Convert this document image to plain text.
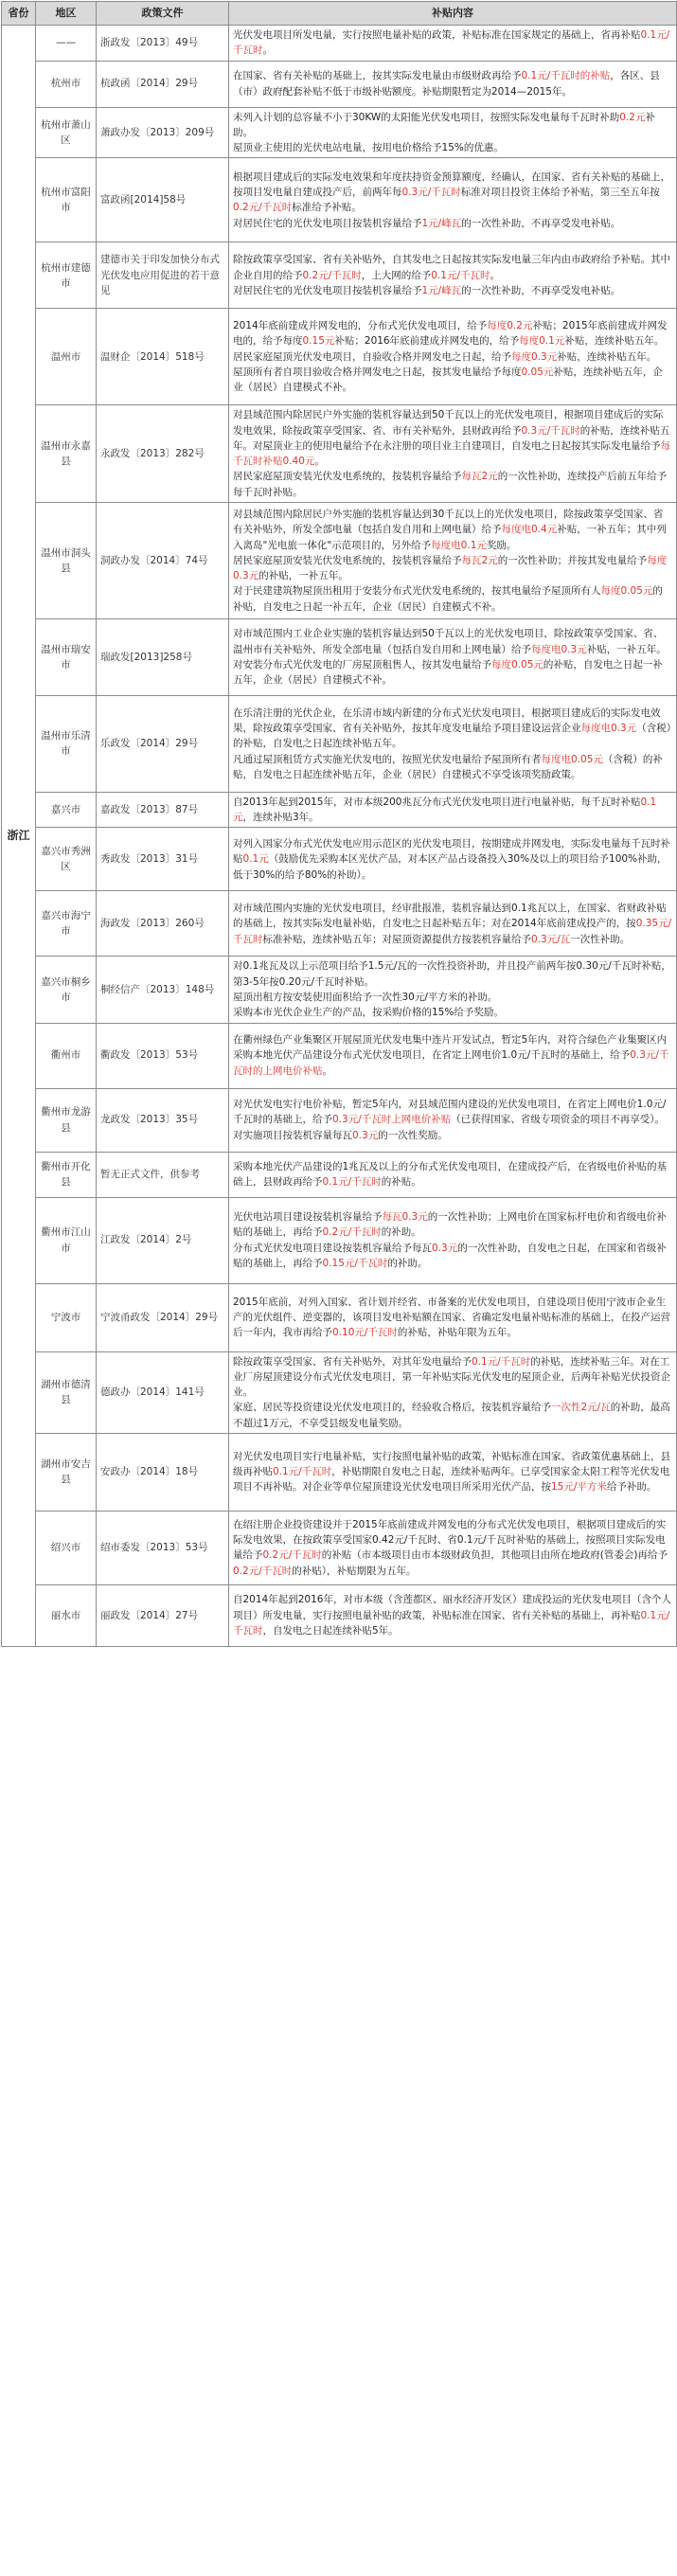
省份	地区	政策文件	补贴内容
浙江	——	浙政发〔2013〕49号	光伏发电项目所发电量，实行按照电量补贴的政策，补贴标准在国家规定的基础上，省再补贴0.1元/千瓦时。
	杭州市	杭政函〔2014〕29号	在国家、省有关补贴的基础上，按其实际发电量由市级财政再给予0.1元/千瓦时的补贴，各区、县（市）政府配套补贴不低于市级补贴额度。补贴期限暂定为2014—2015年。
	杭州市萧山区	萧政办发〔2013〕209号	未列入计划的总容量不小于30KW的太阳能光伏发电项目，按照实际发电量每千瓦时补助0.2元补助。
屋顶业主使用的光伏电站电量，按用电价格给予15%的优惠。
	杭州市富阳市	富政函[2014]58号	根据项目建成后的实际发电效果和年度扶持资金预算额度，经确认，在国家、省有关补贴的基础上，按项目发电量自建成投产后，前两年每0.3元/千瓦时标准对项目投资主体给予补贴，第三至五年按0.2元/千瓦时标准给予补贴。
对居民住宅的光伏发电项目按装机容量给予1元/峰瓦的一次性补助，不再享受发电补贴。
	杭州市建德市	建德市关于印发加快分布式光伏发电应用促进的若干意见	除按政策享受国家、省有关补贴外，自其发电之日起按其实际发电量三年内由市政府给予补贴。其中企业自用的给予0.2元/千瓦时，上大网的给予0.1元/千瓦时。
对居民住宅的光伏发电项目按装机容量给予1元/峰瓦的一次性补助，不再享受发电补贴。
	温州市	温财企〔2014〕518号	2014年底前建成并网发电的，分布式光伏发电项目，给予每度0.2元补贴；2015年底前建成并网发电的，给予每度0.15元补贴；2016年底前建成并网发电的，给予每度0.1元补贴，连续补贴五年。
居民家庭屋顶光伏发电项目，自验收合格并网发电之日起，给予每度0.3元补贴，连续补贴五年。
屋顶所有者自项目验收合格并网发电之日起，按其发电量给予每度0.05元补贴，连续补贴五年，企业（居民）自建模式不补。
	温州市永嘉县	永政发〔2013〕282号	对县域范围内除居民户外实施的装机容量达到50千瓦以上的光伏发电项目，根据项目建成后的实际发电效果，除按政策享受国家、省、市有关补贴外，县财政再给予0.3元/千瓦时的补贴，连续补贴五年。对屋顶业主的使用电量给予在永注册的项目业主自建项目，自发电之日起按其实际发电量给予每千瓦时补贴0.40元。
居民家庭屋顶安装光伏发电系统的，按装机容量给予每瓦2元的一次性补助，连续投产后前五年给予每千瓦时补贴。
	温州市洞头县	洞政办发〔2014〕74号	对县域范围内除居民户外实施的装机容量达到30千瓦以上的光伏发电项目，除按政策享受国家、省有关补贴外，所发全部电量（包括自发自用和上网电量）给予每度电0.4元补贴，一补五年；其中列入离岛"光电旅一体化"示范项目的，另外给予每度电0.1元奖励。
居民家庭屋顶安装光伏发电系统的，按装机容量给予每瓦2元的一次性补助；并按其发电量给予每度0.3元的补贴，一补五年。
对于民建建筑物屋顶出租用于安装分布式光伏发电系统的，按其电量给予屋顶所有人每度0.05元的补贴，自发电之日起一补五年，企业（居民）自建模式不补。
	温州市瑞安市	瑞政发[2013]258号	对市域范围内工业企业实施的装机容量达到50千瓦以上的光伏发电项目，除按政策享受国家、省、温州市有关补贴外，所发全部电量（包括自发自用和上网电量）给予每度电0.3元补贴，一补五年。
对安装分布式光伏发电的厂房屋顶租售人，按其发电量给予每度0.05元的补贴，自发电之日起一补五年，企业（居民）自建模式不补。
	温州市乐清市	乐政发〔2014〕29号	在乐清注册的光伏企业，在乐清市域内新建的分布式光伏发电项目，根据项目建成后的实际发电效果，除按政策享受国家、省有关补贴外，按其年度发电量给予项目建设运营企业每度电0.3元（含税）的补贴，自发电之日起连续补贴五年。
凡通过屋顶租赁方式实施光伏发电的，按照光伏发电量给予屋顶所有者每度电0.05元（含税）的补贴，自发电之日起连续补贴五年，企业（居民）自建模式不享受该项奖励政策。
	嘉兴市	嘉政发〔2013〕87号	自2013年起到2015年，对市本级200兆瓦分布式光伏发电项目进行电量补贴，每千瓦时补贴0.1元，连续补贴3年。
	嘉兴市秀洲区	秀政发〔2013〕31号	对列入国家分布式光伏发电应用示范区的光伏发电项目，按期建成并网发电，实际发电量每千瓦时补贴0.1元（鼓励优先采购本区光伏产品，对本区产品占设备投入30%及以上的项目给予100%补助，低于30%的给予80%的补助）。
	嘉兴市海宁市	海政发〔2013〕260号	对市域范围内实施的光伏发电项目，经审批报准，装机容量达到0.1兆瓦以上，在国家、省财政补贴的基础上，按其实际发电量补贴，自发电之日起补贴五年；对在2014年底前建成投产的，按0.35元/千瓦时标准补贴，连续补贴五年；对屋顶资源提供方按装机容量给予0.3元/瓦一次性补助。
	嘉兴市桐乡市	桐经信产〔2013〕148号	对0.1兆瓦及以上示范项目给予1.5元/瓦的一次性投资补助，并且投产前两年按0.30元/千瓦时补贴，第3-5年按0.20元/千瓦时补贴。
屋顶出租方按安装使用面积给予一次性30元/平方米的补助。
采购本市光伏企业生产的产品，按采购价格的15%给予奖励。
	衢州市	衢政发〔2013〕53号	在衢州绿色产业集聚区开展屋顶光伏发电集中连片开发试点，暂定5年内，对符合绿色产业集聚区内采购本地光伏产品建设分布式光伏发电项目，在省定上网电价1.0元/千瓦时的基础上，给予0.3元/千瓦时的上网电价补贴。
	衢州市龙游县	龙政发〔2013〕35号	对光伏发电实行电价补贴，暂定5年内，对县域范围内建设的光伏发电项目，在省定上网电价1.0元/千瓦时的基础上，给予0.3元/千瓦时上网电价补贴（已获得国家、省级专项资金的项目不再享受）。
对实施项目按装机容量每瓦0.3元的一次性奖励。
	衢州市开化县	暂无正式文件，供参考	采购本地光伏产品建设的1兆瓦及以上的分布式光伏发电项目，在建成投产后，在省级电价补贴的基础上，县财政再给予0.1元/千瓦时的补贴。
	衢州市江山市	江政发〔2014〕2号	光伏电站项目建设按装机容量给予每瓦0.3元的一次性补助；上网电价在国家标杆电价和省级电价补贴的基础上，再给予0.2元/千瓦时的补助。
分布式光伏发电项目建设按装机容量给予每瓦0.3元的一次性补助，自发电之日起，在国家和省级补贴的基础上，再给予0.15元/千瓦时的补助。
	宁波市	宁波甬政发〔2014〕29号	2015年底前，对列入国家、省计划并经省、市备案的光伏发电项目，自建设项目使用宁波市企业生产的光伏组件、逆变器的，该项目发电补贴额在国家、省确定发电量补贴标准的基础上，在投产运营后一年内，我市再给予0.10元/千瓦时的补贴，补贴年限为五年。
	湖州市德清县	德政办〔2014〕141号	除按政策享受国家、省有关补贴外，对其年发电量给予0.1元/千瓦时的补贴，连续补贴三年。对在工业厂房屋顶建设分布式光伏发电项目，第一年补贴实际光伏发电的屋顶企业，后两年补贴光伏投资企业。
家庭、居民等投资建设光伏发电项目的，经验收合格后，按装机容量给予一次性2元/瓦的补助，最高不超过1万元，不享受县级发电量奖励。
	湖州市安吉县	安政办〔2014〕18号	对光伏发电项目实行电量补贴，实行按照电量补贴的政策，补贴标准在国家、省政策优惠基础上，县级再补贴0.1元/千瓦时，补贴期限自发电之日起，连续补贴两年。已享受国家金太阳工程等光伏发电项目不再补贴。对企业等单位屋顶建设光伏发电项目所采用光伏产品，按15元/平方米给予补助。
	绍兴市	绍市委发〔2013〕53号	在绍注册企业投资建设并于2015年底前建成并网发电的分布式光伏发电项目，根据项目建成后的实际发电效果，在按政策享受国家0.42元/千瓦时、省0.1元/千瓦时补贴的基础上，按照项目实际发电量给予0.2元/千瓦时的补贴（市本级项目由市本级财政负担，其他项目由所在地政府(管委会)再给予0.2元/千瓦时的补贴），补贴期限为五年。
	丽水市	丽政发〔2014〕27号	自2014年起到2016年，对市本级（含莲都区、丽水经济开发区）建成投运的光伏发电项目（含个人项目）所发电量，实行按照电量补贴的政策，补贴标准在国家、省有关补贴的基础上，再补贴0.1元/千瓦时，自发电之日起连续补贴5年。
